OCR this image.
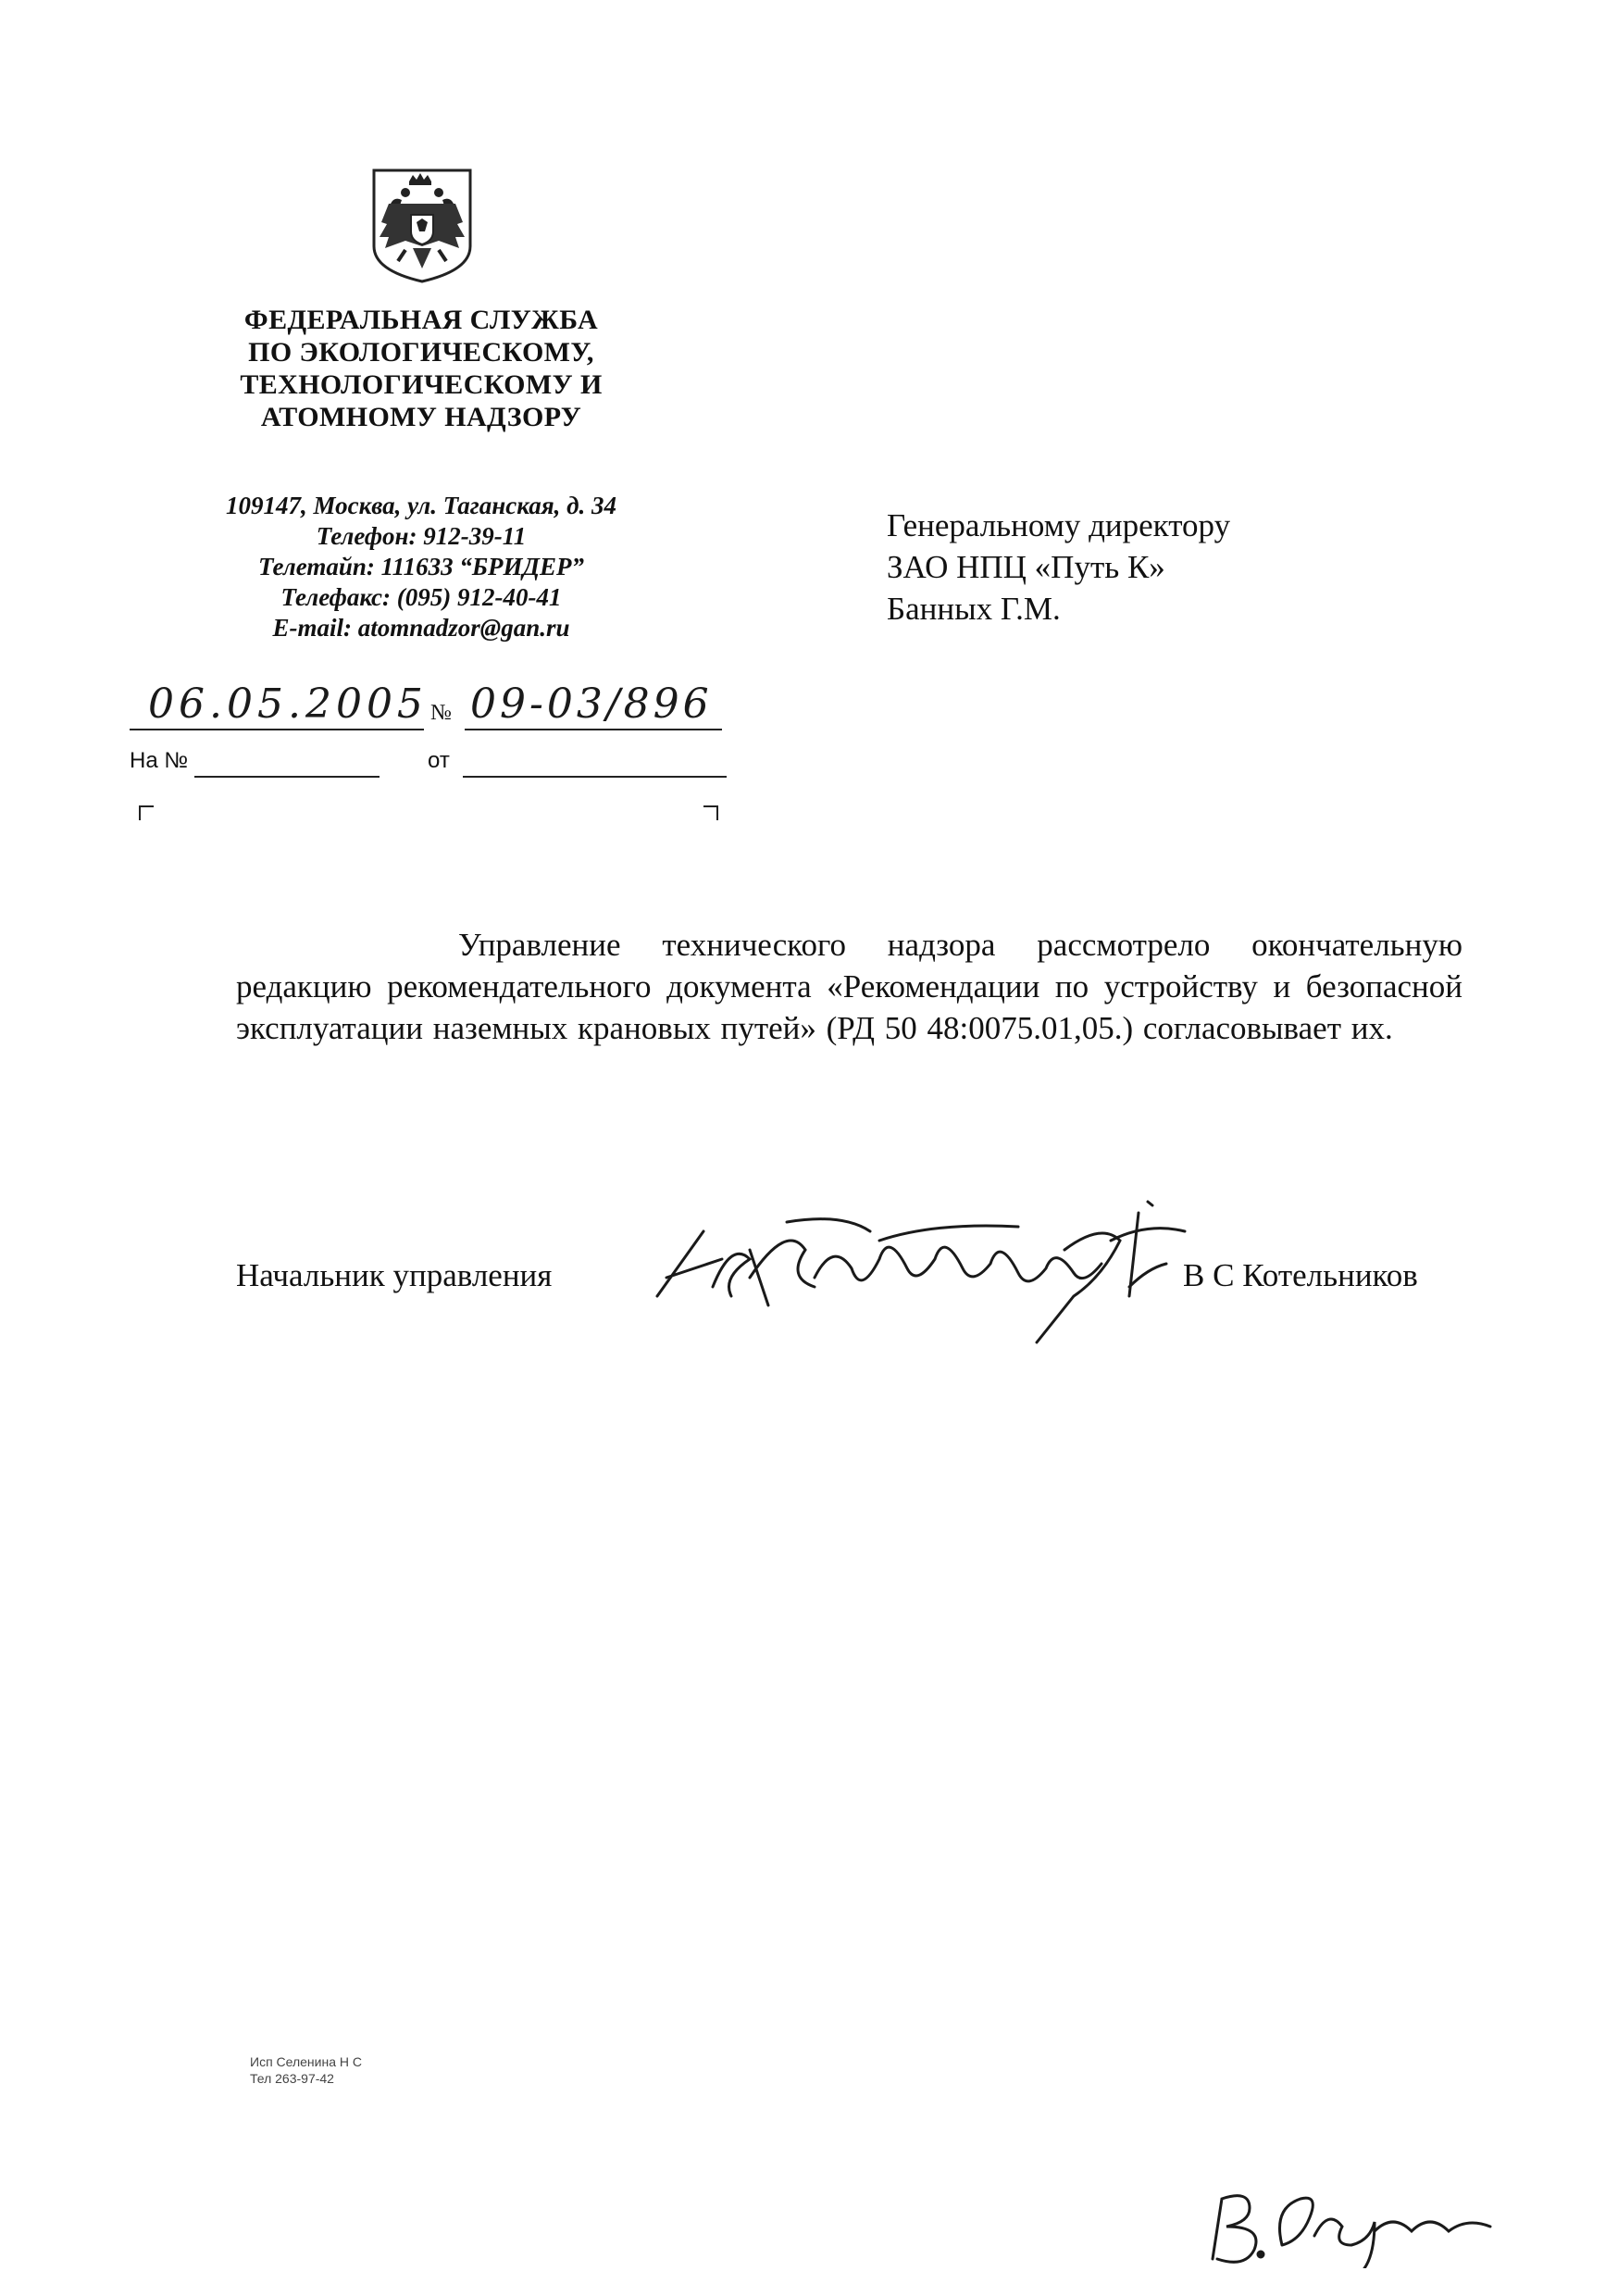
ФЕДЕРАЛЬНАЯ СЛУЖБА
ПО ЭКОЛОГИЧЕСКОМУ,
ТЕХНОЛОГИЧЕСКОМУ И
АТОМНОМУ НАДЗОРУ
109147, Москва, ул. Таганская, д. 34
Телефон: 912-39-11
Телетайп: 111633 “БРИДЕР”
Телефакс: (095) 912-40-41
E-mail: atomnadzor@gan.ru
06.05.2005 № 09-03/896
На №	от
Генеральному директору
ЗАО НПЦ «Путь К»
Банных Г.М.
Управление технического надзора рассмотрело окончательную редакцию рекомендательного документа «Рекомендации по устройству и безопасной эксплуатации наземных крановых путей» (РД 50 48:0075.01,05.) согласовывает их.
Начальник управления	В С Котельников
Исп Селенина Н С
Тел 263-97-42
